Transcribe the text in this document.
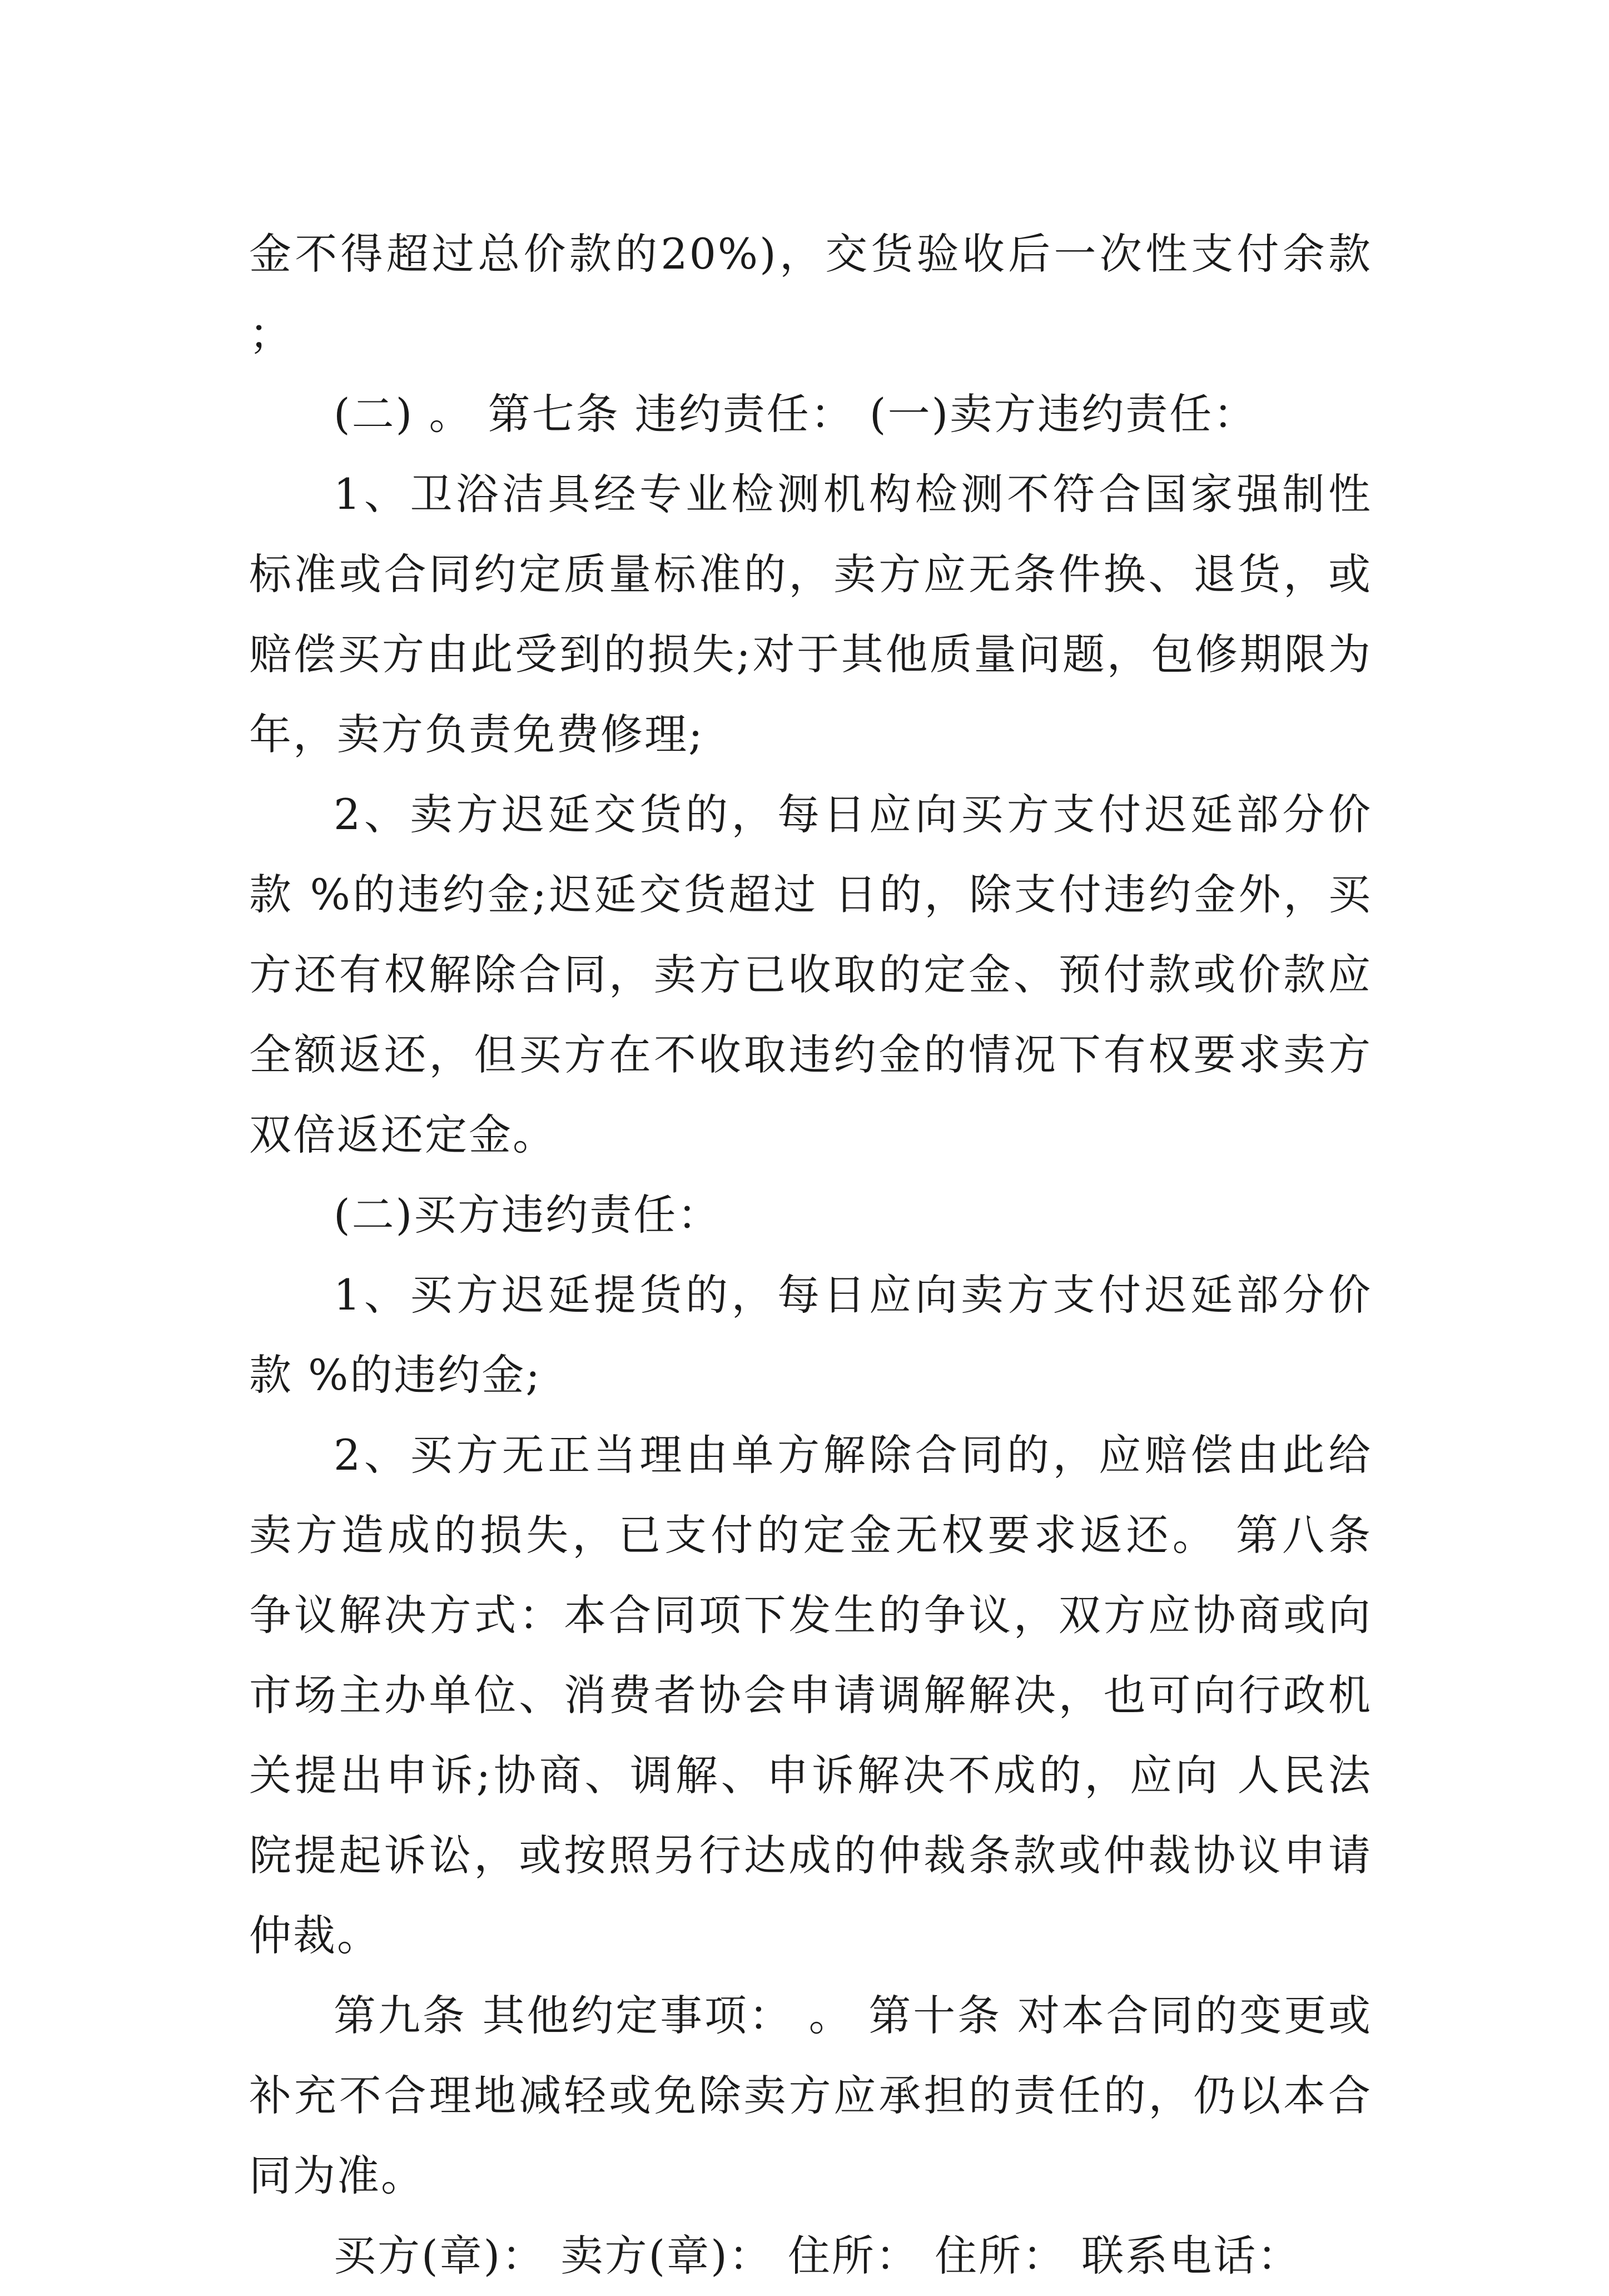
金不得超过总价款的20%)，交货验收后一次性支付余款；

(二) 。 第七条 违约责任： (一)卖方违约责任：

1、卫浴洁具经专业检测机构检测不符合国家强制性标准或合同约定质量标准的，卖方应无条件换、退货，或赔偿买方由此受到的损失;对于其他质量问题，包修期限为 年，卖方负责免费修理;

2、卖方迟延交货的，每日应向买方支付迟延部分价款 %的违约金;迟延交货超过 日的，除支付违约金外，买方还有权解除合同，卖方已收取的定金、预付款或价款应全额返还，但买方在不收取违约金的情况下有权要求卖方双倍返还定金。

(二)买方违约责任：

1、买方迟延提货的，每日应向卖方支付迟延部分价款 %的违约金;

2、买方无正当理由单方解除合同的，应赔偿由此给卖方造成的损失，已支付的定金无权要求返还。 第八条 争议解决方式：本合同项下发生的争议，双方应协商或向市场主办单位、消费者协会申请调解解决，也可向行政机关提出申诉;协商、调解、申诉解决不成的，应向 人民法院提起诉讼，或按照另行达成的仲裁条款或仲裁协议申请仲裁。

第九条 其他约定事项： 。 第十条 对本合同的变更或补充不合理地减轻或免除卖方应承担的责任的，仍以本合同为准。

买方(章)： 卖方(章)： 住所： 住所： 联系电话：
